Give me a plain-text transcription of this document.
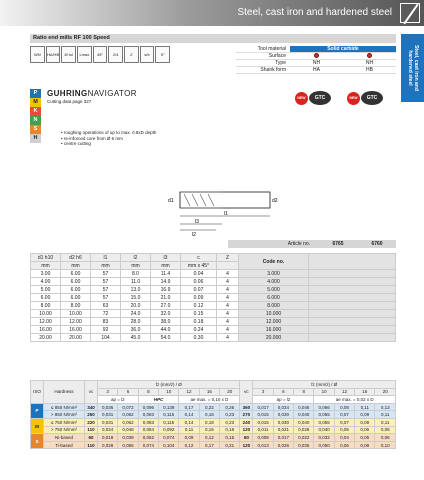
Steel, cast iron and hardened steel
Steel, cast iron and hardened steel
Ratio end mills RF 100 Speed
WN	HA/HB	Ø tol	Lmax	45°	2/4	Z	s/e	5°
Tool material	Solid carbide
Surface
Type	NH	NH
Shank form	HA	HB
NEW	GTC	NEW	GTC
P
M
K
N
S
H
GUHRINGNAVIGATOR
Cutting data page 327
• roughing operations of up to max. 0.8xD depth
• re-inforced core from Ø 6 mm
• centre cutting
d1	d2
l1
l3
l2
Article no.	6765	6760
d1 h10	d2 h6	l1	l2	l3	c	Z	Code no.	
mm	mm	mm	mm	mm	mm x 45°			
3.00	6.00	57	8.0	11.4	0.04	4	3.000	
4.00	6.00	57	11.0	14.9	0.06	4	4.000	
5.00	6.00	57	13.0	16.9	0.07	4	5.000	
6.00	6.00	57	15.0	21.0	0.09	4	6.000	
8.00	8.00	63	20.0	27.0	0.12	4	8.000	
10.00	10.00	72	24.0	32.0	0.15	4	10.000	
12.00	12.00	83	28.0	38.0	0.18	4	12.000	
16.00	16.00	92	36.0	44.0	0.24	4	16.000	
20.00	20.00	104	45.0	54.0	0.30	4	20.000	
ISO	Hardness	vc	fz (mm/z) / Ø							vc	fz (mm/z) / Ø						
			3	6	8	10	12	16	20		3	6	8	10	12	16	20
			ap = l2		HPC		ae max. = 0,10 x D				ap = l2			ae max. = 0,02 x D			
P	≤ 850 N/mm²	340	0,036	0,072	0,096	0,139	0,17	0,22	0,26	360	0,017	0,034	0,046	0,066	0,08	0,11	0,13
	> 850 N/mm²	250	0,031	0,062	0,083	0,115	0,14	0,18	0,23	270	0,015	0,030	0,040	0,055	0,07	0,09	0,11
M	≤ 750 N/mm²	220	0,031	0,062	0,083	0,115	0,14	0,18	0,23	240	0,015	0,030	0,040	0,055	0,07	0,09	0,11
	> 750 N/mm²	110	0,024	0,048	0,064	0,092	0,11	0,15	0,18	120	0,011	0,021	0,028	0,040	0,05	0,06	0,08
S	Ni-based	60	0,019	0,039	0,052	0,074	0,09	0,12	0,15	60	0,008	0,017	0,022	0,032	0,04	0,05	0,06
	Ti-based	110	0,028	0,055	0,074	0,104	0,12	0,17	0,21	120	0,013	0,026	0,035	0,050	0,06	0,08	0,10
